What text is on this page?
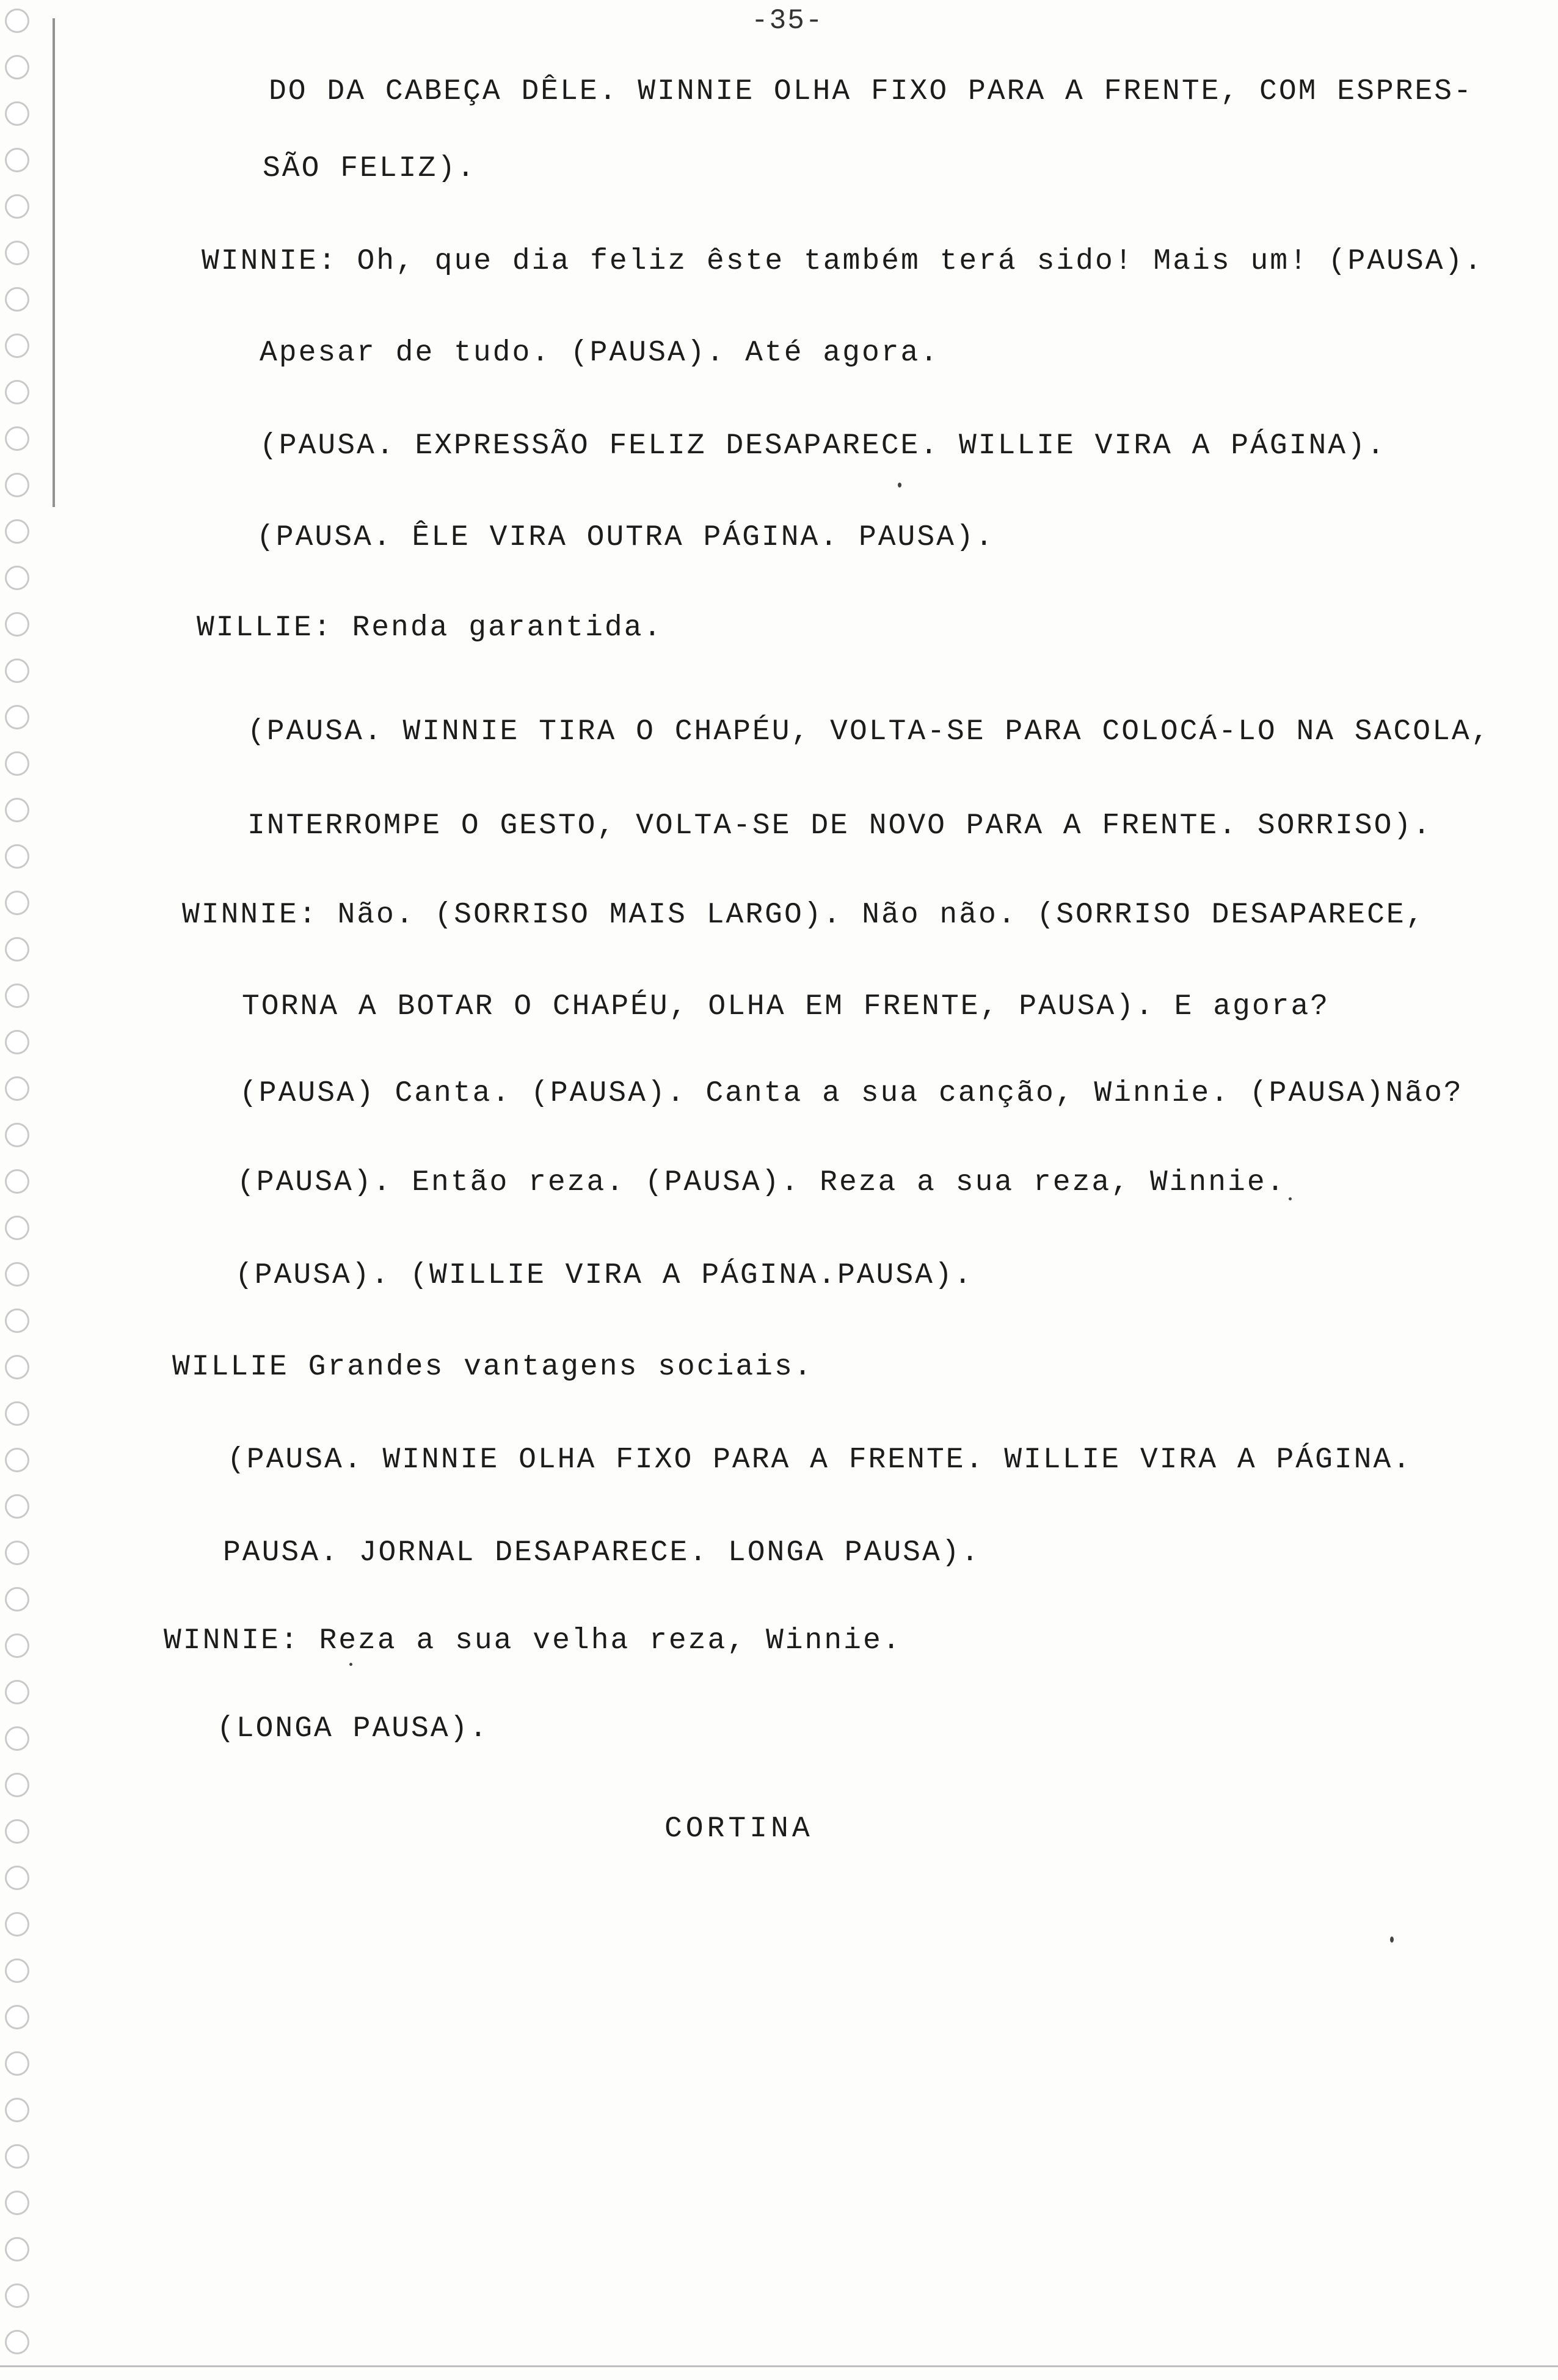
-35-
DO DA CABEÇA DÊLE. WINNIE OLHA FIXO PARA A FRENTE, COM ESPRES-
SÃO FELIZ).
WINNIE: Oh, que dia feliz êste também terá sido! Mais um! (PAUSA).
Apesar de tudo. (PAUSA). Até agora.
(PAUSA. EXPRESSÃO FELIZ DESAPARECE. WILLIE VIRA A PÁGINA).
(PAUSA. ÊLE VIRA OUTRA PÁGINA. PAUSA).
WILLIE: Renda garantida.
(PAUSA. WINNIE TIRA O CHAPÉU, VOLTA-SE PARA COLOCÁ-LO NA SACOLA,
INTERROMPE O GESTO, VOLTA-SE DE NOVO PARA A FRENTE. SORRISO).
WINNIE: Não. (SORRISO MAIS LARGO). Não não. (SORRISO DESAPARECE,
TORNA A BOTAR O CHAPÉU, OLHA EM FRENTE, PAUSA). E agora?
(PAUSA) Canta. (PAUSA). Canta a sua canção, Winnie. (PAUSA)Não?
(PAUSA). Então reza. (PAUSA). Reza a sua reza, Winnie.
(PAUSA). (WILLIE VIRA A PÁGINA.PAUSA).
WILLIE Grandes vantagens sociais.
(PAUSA. WINNIE OLHA FIXO PARA A FRENTE. WILLIE VIRA A PÁGINA.
PAUSA. JORNAL DESAPARECE. LONGA PAUSA).
WINNIE: Reza a sua velha reza, Winnie.
(LONGA PAUSA).
CORTINA
